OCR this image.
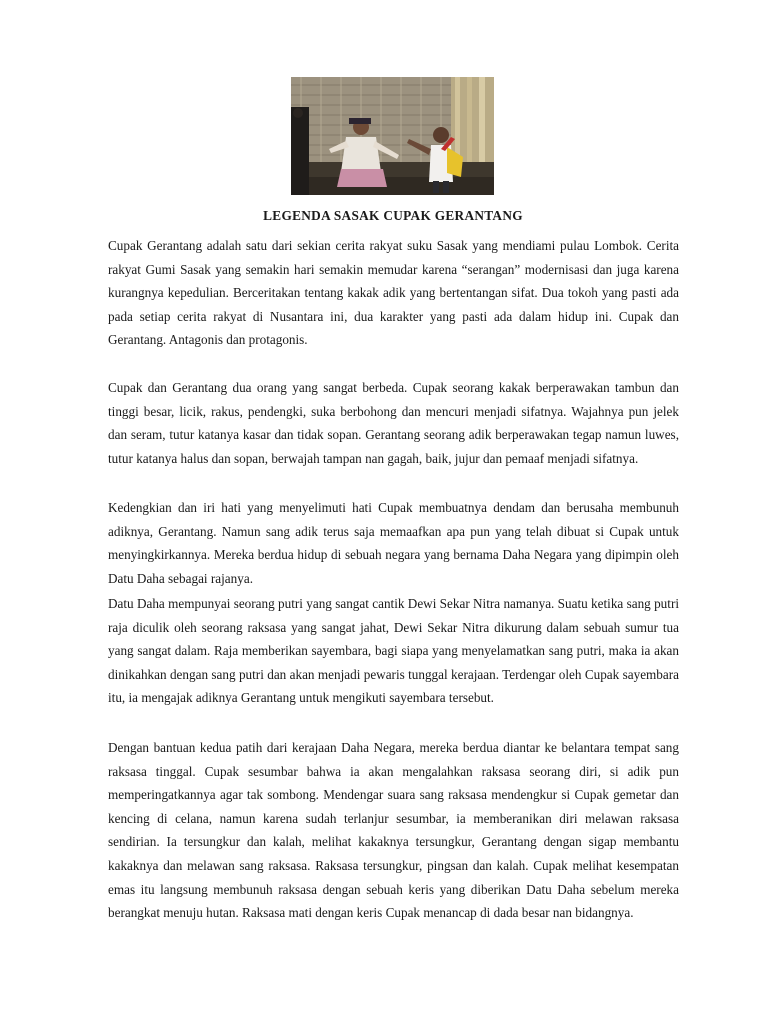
LEGENDA SASAK CUPAK GERANTANG

Cupak Gerantang adalah satu dari sekian cerita rakyat suku Sasak yang mendiami pulau Lombok. Cerita rakyat Gumi Sasak yang semakin hari semakin memudar karena “serangan” modernisasi dan juga karena kurangnya kepedulian. Berceritakan tentang kakak adik yang bertentangan sifat. Dua tokoh yang pasti ada pada setiap cerita rakyat di Nusantara ini, dua karakter yang pasti ada dalam hidup ini. Cupak dan Gerantang. Antagonis dan protagonis.

Cupak dan Gerantang dua orang yang sangat berbeda. Cupak seorang kakak berperawakan tambun dan tinggi besar, licik, rakus, pendengki, suka berbohong dan mencuri menjadi sifatnya. Wajahnya pun jelek dan seram, tutur katanya kasar dan tidak sopan. Gerantang seorang adik berperawakan tegap namun luwes, tutur katanya halus dan sopan, berwajah tampan nan gagah, baik, jujur dan pemaaf menjadi sifatnya.

Kedengkian dan iri hati yang menyelimuti hati Cupak membuatnya dendam dan berusaha membunuh adiknya, Gerantang. Namun sang adik terus saja memaafkan apa pun yang telah dibuat si Cupak untuk menyingkirkannya. Mereka berdua hidup di sebuah negara yang bernama Daha Negara yang dipimpin oleh Datu Daha sebagai rajanya.

Datu Daha mempunyai seorang putri yang sangat cantik Dewi Sekar Nitra namanya. Suatu ketika sang putri raja diculik oleh seorang raksasa yang sangat jahat, Dewi Sekar Nitra dikurung dalam sebuah sumur tua yang sangat dalam. Raja memberikan sayembara, bagi siapa yang menyelamatkan sang putri, maka ia akan dinikahkan dengan sang putri dan akan menjadi pewaris tunggal kerajaan. Terdengar oleh Cupak sayembara itu, ia mengajak adiknya Gerantang untuk mengikuti sayembara tersebut.

Dengan bantuan kedua patih dari kerajaan Daha Negara, mereka berdua diantar ke belantara tempat sang raksasa tinggal. Cupak sesumbar bahwa ia akan mengalahkan raksasa seorang diri, si adik pun memperingatkannya agar tak sombong. Mendengar suara sang raksasa mendengkur si Cupak gemetar dan kencing di celana, namun karena sudah terlanjur sesumbar, ia memberanikan diri melawan raksasa sendirian. Ia tersungkur dan kalah, melihat kakaknya tersungkur, Gerantang dengan sigap membantu kakaknya dan melawan sang raksasa. Raksasa tersungkur, pingsan dan kalah. Cupak melihat kesempatan emas itu langsung membunuh raksasa dengan sebuah keris yang diberikan Datu Daha sebelum mereka berangkat menuju hutan. Raksasa mati dengan keris Cupak menancap di dada besar nan bidangnya.
